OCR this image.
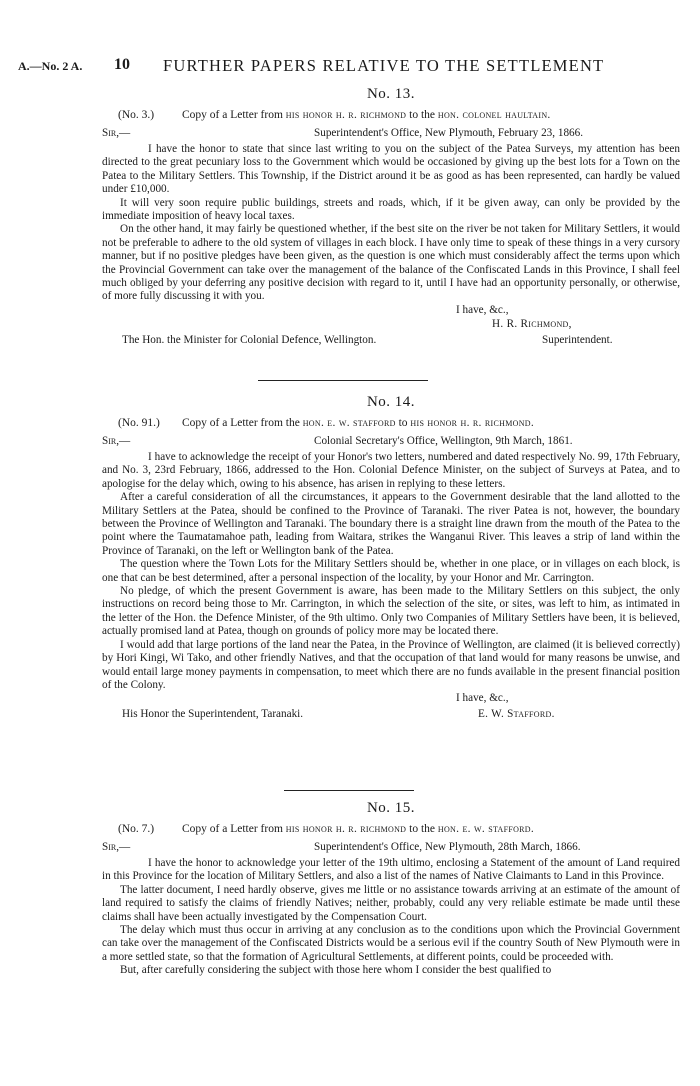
A.—No. 2 A. 10 FURTHER PAPERS RELATIVE TO THE SETTLEMENT
No. 13.
(No. 3.) Copy of a Letter from his honor h. r. richmond to the hon. colonel haultain.
Sir,—	Superintendent's Office, New Plymouth, February 23, 1866.

I have the honor to state that since last writing to you on the subject of the Patea Surveys, my attention has been directed to the great pecuniary loss to the Government which would be occasioned by giving up the best lots for a Town on the Patea to the Military Settlers. This Township, if the District around it be as good as has been represented, can hardly be valued under £10,000.

It will very soon require public buildings, streets and roads, which, if it be given away, can only be provided by the immediate imposition of heavy local taxes.

On the other hand, it may fairly be questioned whether, if the best site on the river be not taken for Military Settlers, it would not be preferable to adhere to the old system of villages in each block. I have only time to speak of these things in a very cursory manner, but if no positive pledges have been given, as the question is one which must considerably affect the terms upon which the Provincial Government can take over the management of the balance of the Confiscated Lands in this Province, I shall feel much obliged by your deferring any positive decision with regard to it, until I have had an opportunity personally, or otherwise, of more fully discussing it with you.

I have, &c.,
H. R. Richmond,
The Hon. the Minister for Colonial Defence, Wellington.	Superintendent.
No. 14.
(No. 91.) Copy of a Letter from the hon. e. w. stafford to his honor h. r. richmond.
Sir,—	Colonial Secretary's Office, Wellington, 9th March, 1861.

I have to acknowledge the receipt of your Honor's two letters, numbered and dated respectively No. 99, 17th February, and No. 3, 23rd February, 1866, addressed to the Hon. Colonial Defence Minister, on the subject of Surveys at Patea, and to apologise for the delay which, owing to his absence, has arisen in replying to these letters.

After a careful consideration of all the circumstances, it appears to the Government desirable that the land allotted to the Military Settlers at the Patea, should be confined to the Province of Taranaki. The river Patea is not, however, the boundary between the Province of Wellington and Taranaki. The boundary there is a straight line drawn from the mouth of the Patea to the point where the Taumatamahoe path, leading from Waitara, strikes the Wanganui River. This leaves a strip of land within the Province of Taranaki, on the left or Wellington bank of the Patea.

The question where the Town Lots for the Military Settlers should be, whether in one place, or in villages on each block, is one that can be best determined, after a personal inspection of the locality, by your Honor and Mr. Carrington.

No pledge, of which the present Government is aware, has been made to the Military Settlers on this subject, the only instructions on record being those to Mr. Carrington, in which the selection of the site, or sites, was left to him, as intimated in the letter of the Hon. the Defence Minister, of the 9th ultimo. Only two Companies of Military Settlers have been, it is believed, actually promised land at Patea, though on grounds of policy more may be located there.

I would add that large portions of the land near the Patea, in the Province of Wellington, are claimed (it is believed correctly) by Hori Kingi, Wi Tako, and other friendly Natives, and that the occupation of that land would for many reasons be unwise, and would entail large money payments in compensation, to meet which there are no funds available in the present financial position of the Colony.

I have, &c.,
His Honor the Superintendent, Taranaki.	E. W. Stafford.
No. 15.
(No. 7.) Copy of a Letter from his honor h. r. richmond to the hon. e. w. stafford.
Sir,—	Superintendent's Office, New Plymouth, 28th March, 1866.

I have the honor to acknowledge your letter of the 19th ultimo, enclosing a Statement of the amount of Land required in this Province for the location of Military Settlers, and also a list of the names of Native Claimants to Land in this Province.

The latter document, I need hardly observe, gives me little or no assistance towards arriving at an estimate of the amount of land required to satisfy the claims of friendly Natives; neither, probably, could any very reliable estimate be made until these claims shall have been actually investigated by the Compensation Court.

The delay which must thus occur in arriving at any conclusion as to the conditions upon which the Provincial Government can take over the management of the Confiscated Districts would be a serious evil if the country South of New Plymouth were in a more settled state, so that the formation of Agricultural Settlements, at different points, could be proceeded with.

But, after carefully considering the subject with those here whom I consider the best qualified to
